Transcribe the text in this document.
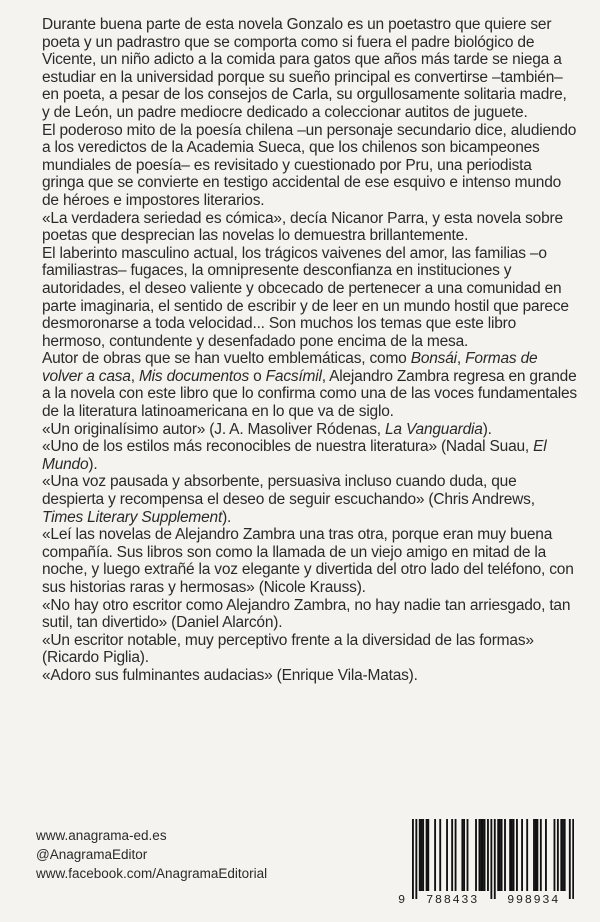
Durante buena parte de esta novela Gonzalo es un poetastro que quiere ser poeta y un padrastro que se comporta como si fuera el padre biológico de Vicente, un niño adicto a la comida para gatos que años más tarde se niega a estudiar en la universidad porque su sueño principal es convertirse –también– en poeta, a pesar de los consejos de Carla, su orgullosamente solitaria madre, y de León, un padre mediocre dedicado a coleccionar autitos de juguete.

El poderoso mito de la poesía chilena –un personaje secundario dice, aludiendo a los veredictos de la Academia Sueca, que los chilenos son bicampeones mundiales de poesía– es revisitado y cuestionado por Pru, una periodista gringa que se convierte en testigo accidental de ese esquivo e intenso mundo de héroes e impostores literarios.

«La verdadera seriedad es cómica», decía Nicanor Parra, y esta novela sobre poetas que desprecian las novelas lo demuestra brillantemente.

El laberinto masculino actual, los trágicos vaivenes del amor, las familias –o familiastras– fugaces, la omnipresente desconfianza en instituciones y autoridades, el deseo valiente y obcecado de pertenecer a una comunidad en parte imaginaria, el sentido de escribir y de leer en un mundo hostil que parece desmoronarse a toda velocidad... Son muchos los temas que este libro hermoso, contundente y desenfadado pone encima de la mesa.

Autor de obras que se han vuelto emblemáticas, como Bonsái, Formas de volver a casa, Mis documentos o Facsímil, Alejandro Zambra regresa en grande a la novela con este libro que lo confirma como una de las voces fundamentales de la literatura latinoamericana en lo que va de siglo.

«Un originalísimo autor» (J. A. Masoliver Ródenas, La Vanguardia).

«Uno de los estilos más reconocibles de nuestra literatura» (Nadal Suau, El Mundo).

«Una voz pausada y absorbente, persuasiva incluso cuando duda, que despierta y recompensa el deseo de seguir escuchando» (Chris Andrews, Times Literary Supplement).

«Leí las novelas de Alejandro Zambra una tras otra, porque eran muy buena compañía. Sus libros son como la llamada de un viejo amigo en mitad de la noche, y luego extrañé la voz elegante y divertida del otro lado del teléfono, con sus historias raras y hermosas» (Nicole Krauss).

«No hay otro escritor como Alejandro Zambra, no hay nadie tan arriesgado, tan sutil, tan divertido» (Daniel Alarcón).

«Un escritor notable, muy perceptivo frente a la diversidad de las formas» (Ricardo Piglia).

«Adoro sus fulminantes audacias» (Enrique Vila-Matas).

www.anagrama-ed.es
@AnagramaEditor
www.facebook.com/AnagramaEditorial
9	788433	998934
